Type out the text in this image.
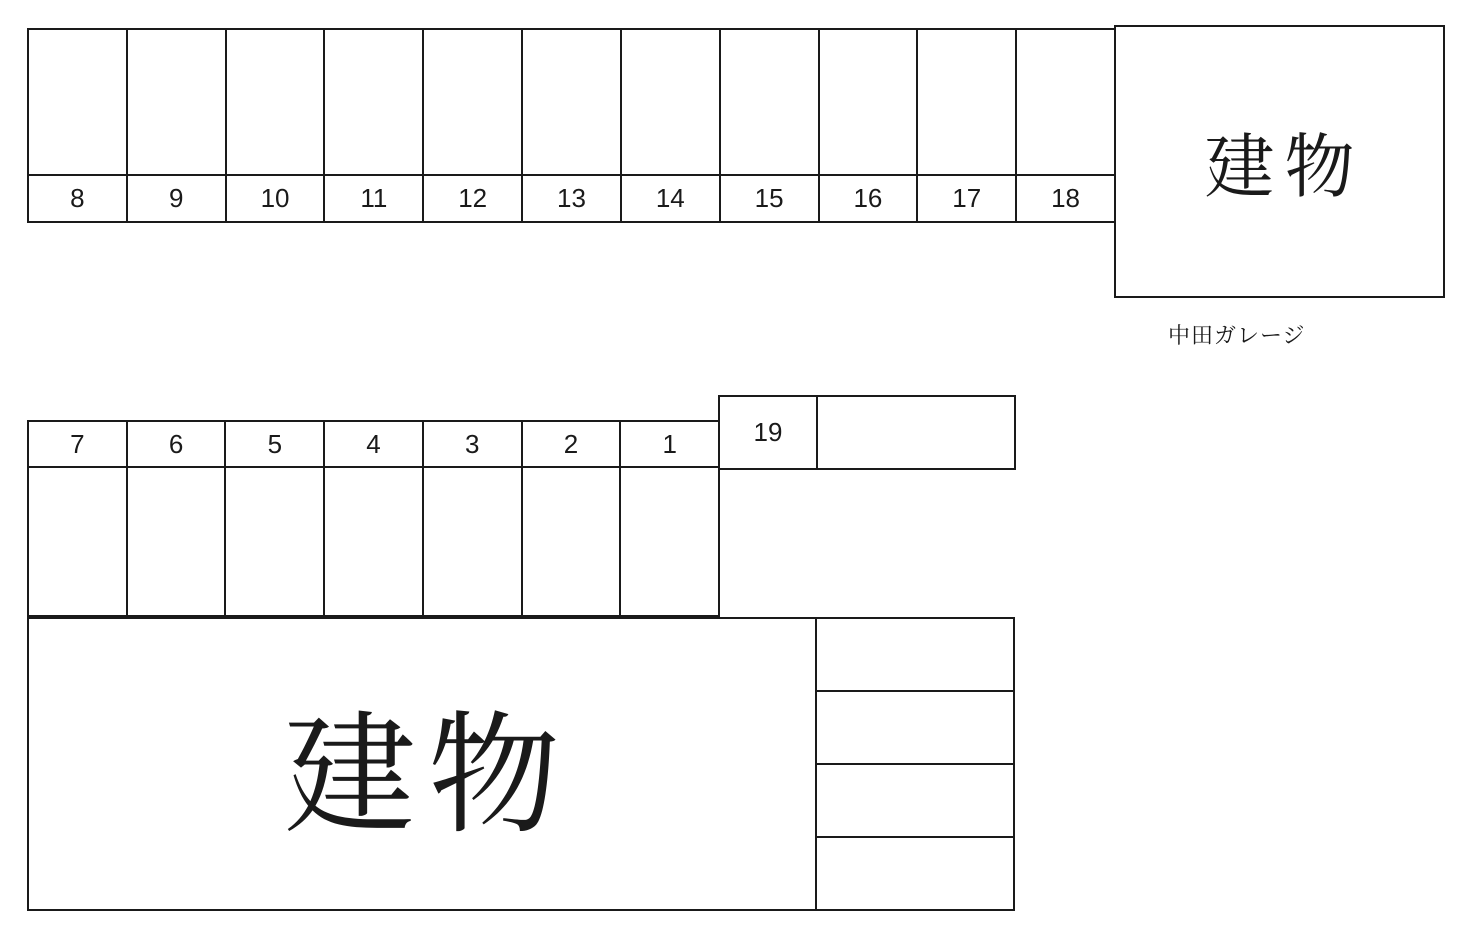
8	9	10	11	12	13	14	15	16	17	18	建物
中田ガレージ
7	6	5	4	3	2	1	19
建物
